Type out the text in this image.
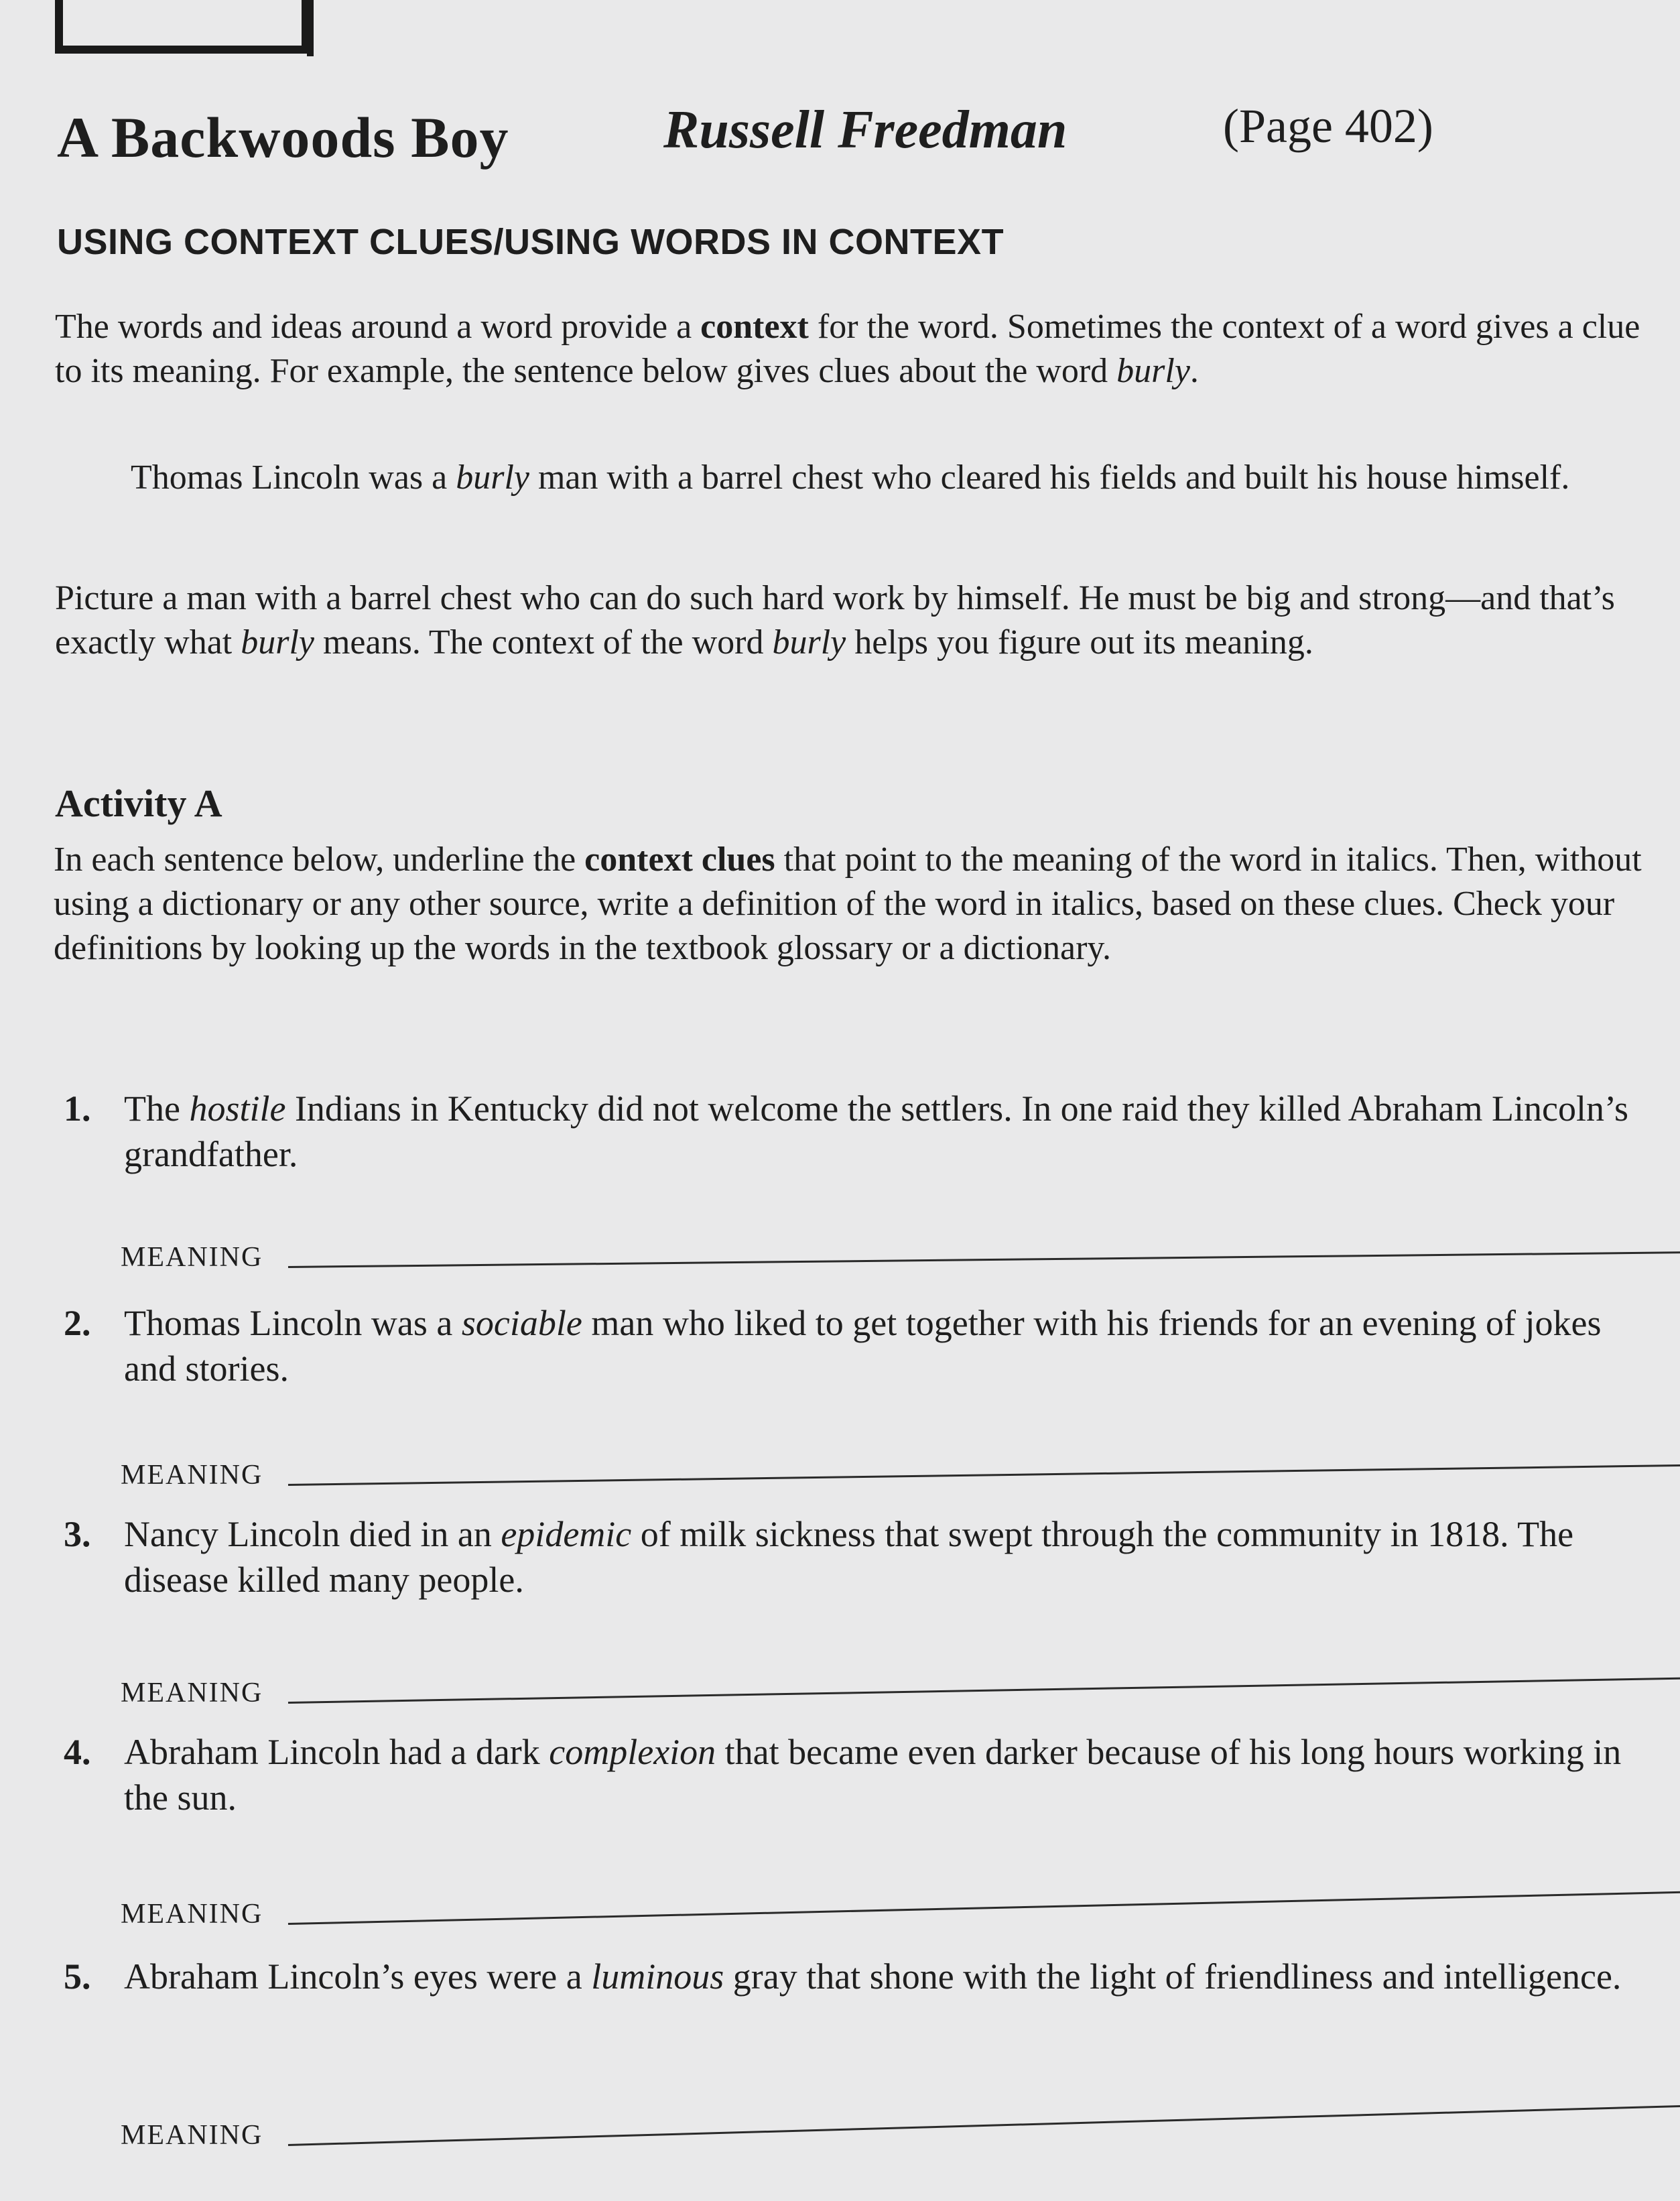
A Backwoods Boy	Russell Freedman	(Page 402)
USING CONTEXT CLUES/USING WORDS IN CONTEXT
The words and ideas around a word provide a context for the word. Sometimes the context of a word gives a clue to its meaning. For example, the sentence below gives clues about the word burly.
Thomas Lincoln was a burly man with a barrel chest who cleared his fields and built his house himself.
Picture a man with a barrel chest who can do such hard work by himself. He must be big and strong—and that’s exactly what burly means. The context of the word burly helps you figure out its meaning.
Activity A
In each sentence below, underline the context clues that point to the meaning of the word in italics. Then, without using a dictionary or any other source, write a definition of the word in italics, based on these clues. Check your definitions by looking up the words in the textbook glossary or a dictionary.
1. The hostile Indians in Kentucky did not welcome the settlers. In one raid they killed Abraham Lincoln’s grandfather.
MEANING
2. Thomas Lincoln was a sociable man who liked to get together with his friends for an evening of jokes and stories.
MEANING
3. Nancy Lincoln died in an epidemic of milk sickness that swept through the community in 1818. The disease killed many people.
MEANING
4. Abraham Lincoln had a dark complexion that became even darker because of his long hours working in the sun.
MEANING
5. Abraham Lincoln’s eyes were a luminous gray that shone with the light of friendliness and intelligence.
MEANING
